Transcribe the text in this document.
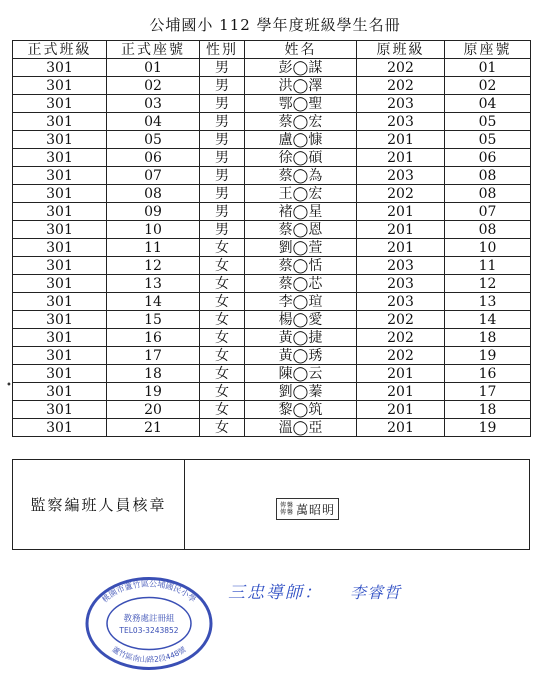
公埔國小 112 學年度班級學生名冊
正式班級	正式座號	性別	姓名	原班級	原座號
301	01	男	彭◯謀	202	01
301	02	男	洪◯澤	202	02
301	03	男	鄂◯聖	203	04
301	04	男	蔡◯宏	203	05
301	05	男	盧◯慷	201	05
301	06	男	徐◯碩	201	06
301	07	男	蔡◯為	203	08
301	08	男	王◯宏	202	08
301	09	男	褚◯星	201	07
301	10	男	蔡◯恩	201	08
301	11	女	劉◯萱	201	10
301	12	女	蔡◯恬	203	11
301	13	女	蔡◯芯	203	12
301	14	女	李◯瑄	203	13
301	15	女	楊◯愛	202	14
301	16	女	黃◯捷	202	18
301	17	女	黃◯琇	202	19
301	18	女	陳◯云	201	16
301	19	女	劉◯蓁	201	17
301	20	女	黎◯筑	201	18
301	21	女	溫◯亞	201	19
監察編班人員核章	傳馨
傳馨 萬昭明
桃園市蘆竹區公埔國民小學
教務處註冊組
TEL03-3243852
蘆竹區南山路2段448號
三忠導師： 李睿哲
•
